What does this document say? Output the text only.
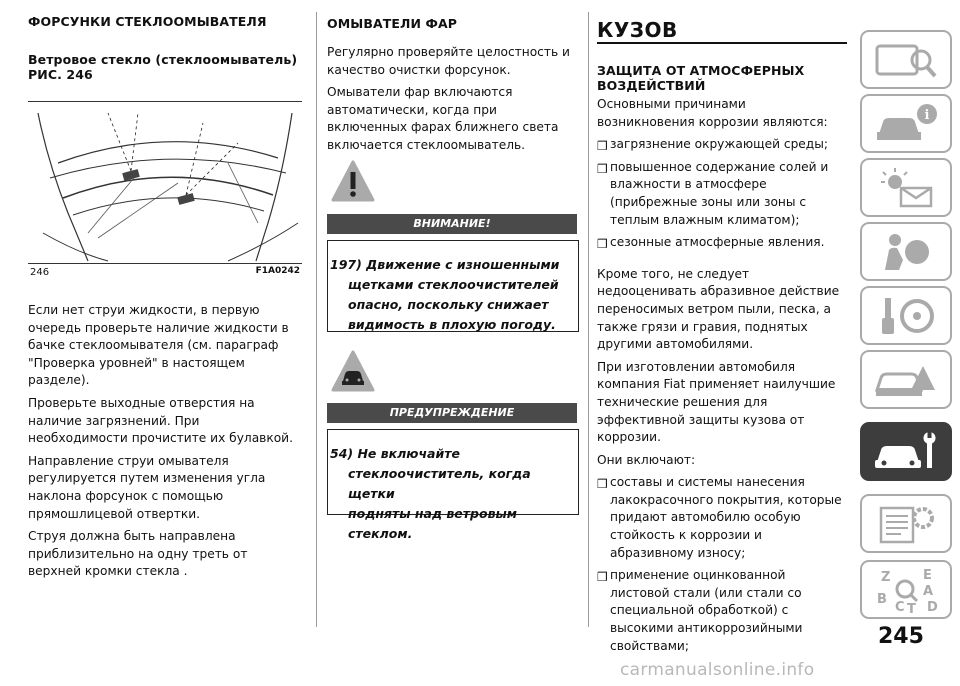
ФОРСУНКИ СТЕКЛООМЫВАТЕЛЯ
Ветровое стекло (стеклоомыватель) РИС. 246
246	F1A0242

Если нет струи жидкости, в первую очередь проверьте наличие жидкости в бачке стеклоомывателя (см. параграф "Проверка уровней" в настоящем разделе).

Проверьте выходные отверстия на наличие загрязнений. При необходимости прочистите их булавкой.

Направление струи омывателя регулируется путем изменения угла наклона форсунок с помощью прямошлицевой отвертки.

Струя должна быть направлена приблизительно на одну треть от верхней кромки стекла .

ОМЫВАТЕЛИ ФАР

Регулярно проверяйте целостность и качество очистки форсунок.

Омыватели фар включаются автоматически, когда при включенных фарах ближнего света включается стеклоомыватель.

ВНИМАНИЕ!
197) Движение с изношенными
щетками стеклоочистителей
опасно, поскольку снижает
видимость в плохую погоду.
ПРЕДУПРЕЖДЕНИЕ
54) Не включайте
стеклоочиститель, когда щетки
подняты над ветровым стеклом.
КУЗОВ
ЗАЩИТА ОТ АТМОСФЕРНЫХ ВОЗДЕЙСТВИЙ

Основными причинами возникновения коррозии являются:

❒ загрязнение окружающей среды;
❒ повышенное содержание солей и влажности в атмосфере (прибрежные зоны или зоны с теплым влажным климатом);
❒ сезонные атмосферные явления.

Кроме того, не следует недооценивать абразивное действие переносимых ветром пыли, песка, а также грязи и гравия, поднятых другими автомобилями.

При изготовлении автомобиля компания Fiat применяет наилучшие технические решения для эффективной защиты кузова от коррозии.

Они включают:

❒ составы и системы нанесения лакокрасочного покрытия, которые придают автомобилю особую стойкость к коррозии и абразивному износу;
❒ применение оцинкованной листовой стали (или стали со специальной обработкой) с высокими антикоррозийными свойствами;
i
Z	E
A
B
C T D
245
carmanualsonline.info
